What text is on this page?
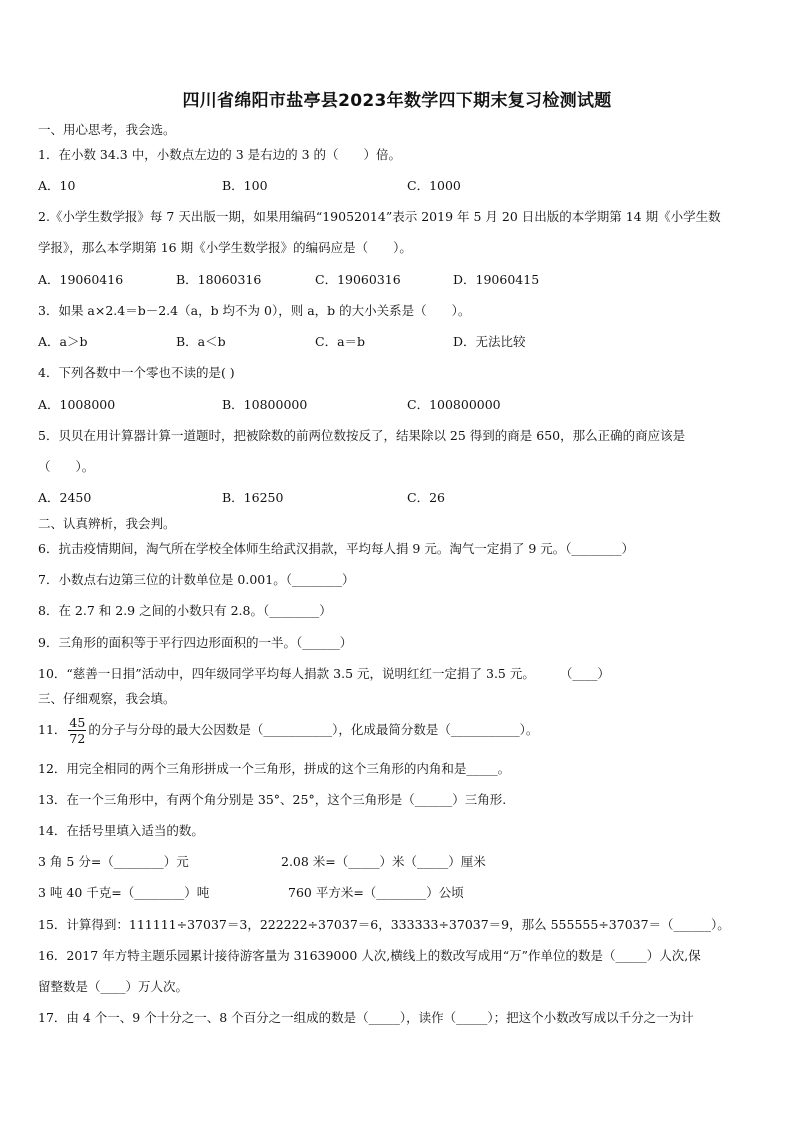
四川省绵阳市盐亭县2023年数学四下期末复习检测试题
一、用心思考，我会选。
1．在小数 34.3 中，小数点左边的 3 是右边的 3 的（　　）倍。
A．10	B．100	C．1000
2.《小学生数学报》每 7 天出版一期，如果用编码“19052014”表示 2019 年 5 月 20 日出版的本学期第 14 期《小学生数
学报》，那么本学期第 16 期《小学生数学报》的编码应是（　　）。
A．19060416	B．18060316	C．19060316	D．19060415
3．如果 a×2.4＝b－2.4（a，b 均不为 0），则 a，b 的大小关系是（　　）。
A．a＞b	B．a＜b	C．a＝b	D．无法比较
4．下列各数中一个零也不读的是( )
A．1008000	B．10800000	C．100800000
5．贝贝在用计算器计算一道题时，把被除数的前两位数按反了，结果除以 25 得到的商是 650，那么正确的商应该是
（　　）。
A．2450	B．16250	C．26
二、认真辨析，我会判。
6．抗击疫情期间，淘气所在学校全体师生给武汉捐款，平均每人捐 9 元。淘气一定捐了 9 元。（________）
7．小数点右边第三位的计数单位是 0.001。（________）
8．在 2.7 和 2.9 之间的小数只有 2.8。（________）
9．三角形的面积等于平行四边形面积的一半。（______）
10．“慈善一日捐”活动中，四年级同学平均每人捐款 3.5 元，说明红红一定捐了 3.5 元。　　　（____）
三、仔细观察，我会填。
11． $\frac{45}{72}$ 的分子与分母的最大公因数是（___________），化成最简分数是（___________）。
12．用完全相同的两个三角形拼成一个三角形，拼成的这个三角形的内角和是_____。
13．在一个三角形中，有两个角分别是 35°、25°，这个三角形是（______）三角形.
14．在括号里填入适当的数。
3 角 5 分=（________）元	2.08 米=（_____）米（_____）厘米
3 吨 40 千克=（________）吨	760 平方米=（________）公顷
15．计算得到：111111÷37037＝3，222222÷37037＝6，333333÷37037＝9，那么 555555÷37037＝（______）。
16．2017 年方特主题乐园累计接待游客量为 31639000 人次,横线上的数改写成用“万”作单位的数是（_____）人次,保
留整数是（____）万人次。
17．由 4 个一、9 个十分之一、8 个百分之一组成的数是（_____），读作（_____）；把这个小数改写成以千分之一为计
